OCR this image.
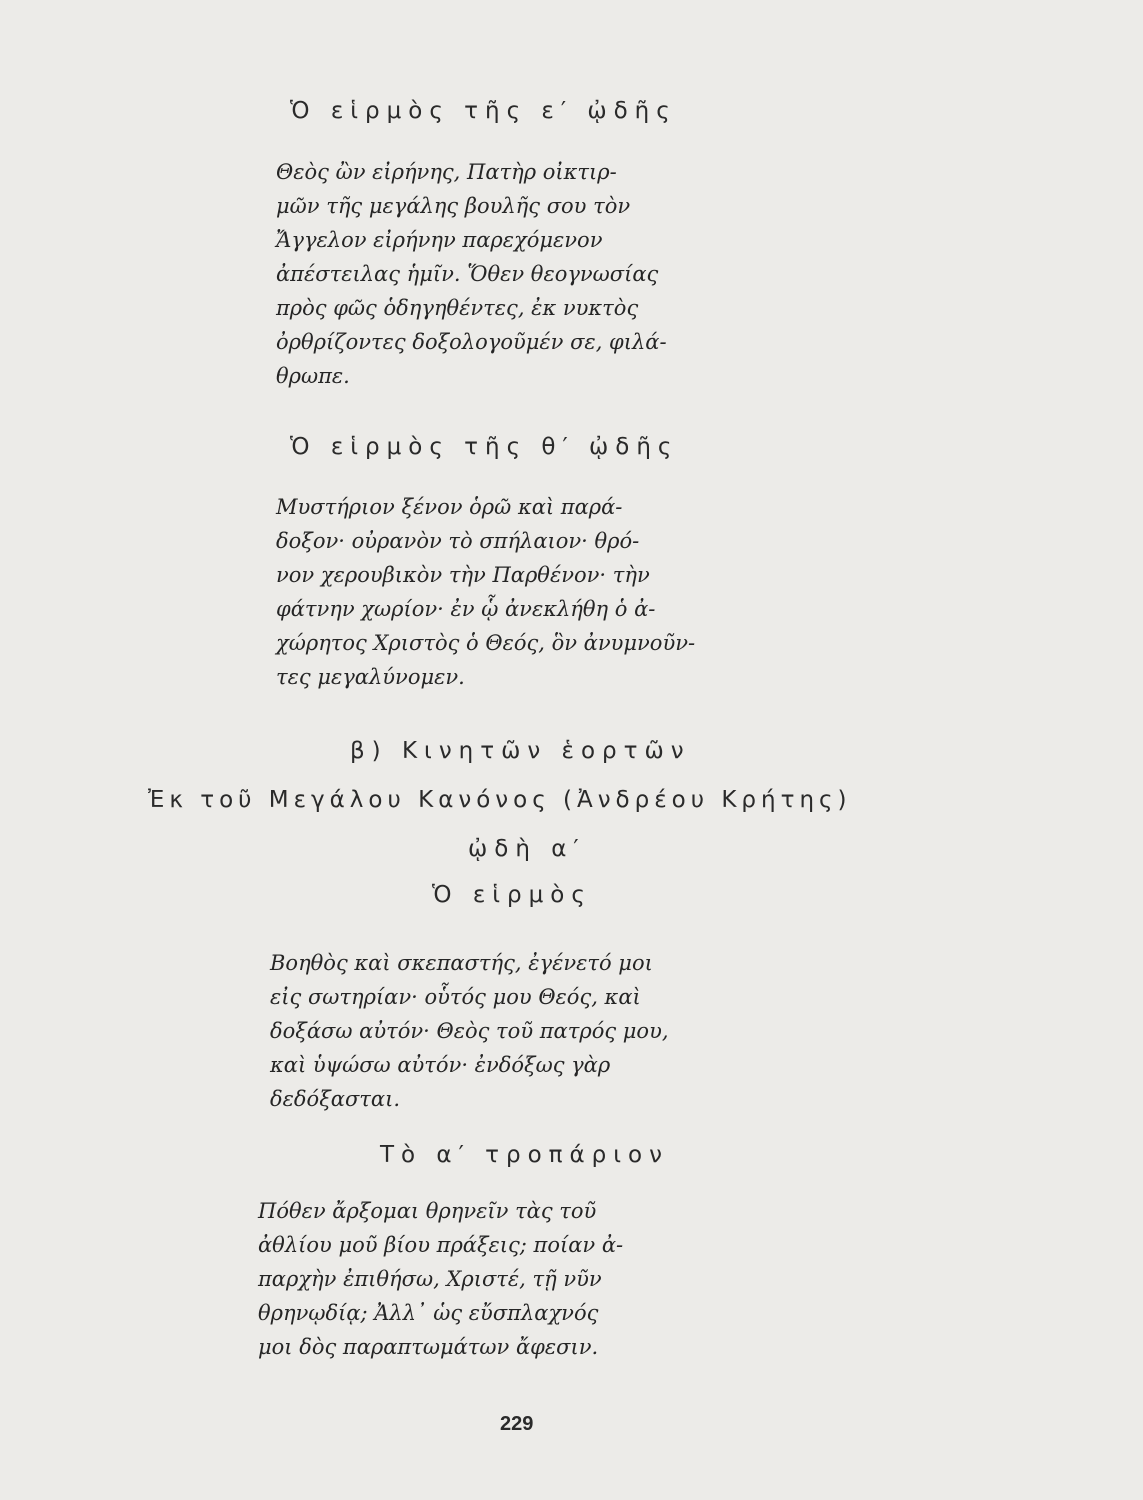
Ὁ εἱρμὸς τῆς ε′ ᾠδῆς
Θεὸς ὢν εἰρήνης, Πατὴρ οἰκτιρ-
μῶν τῆς μεγάλης βουλῆς σου τὸν
Ἄγγελον εἰρήνην παρεχόμενον
ἀπέστειλας ἡμῖν. Ὅθεν θεογνωσίας
πρὸς φῶς ὁδηγηθέντες, ἐκ νυκτὸς
ὀρθρίζοντες δοξολογοῦμέν σε, φιλά-
θρωπε.
Ὁ εἱρμὸς τῆς θ′ ᾠδῆς
Μυστήριον ξένον ὁρῶ καὶ παρά-
δοξον· οὐρανὸν τὸ σπήλαιον· θρό-
νον χερουβικὸν τὴν Παρθένον· τὴν
φάτνην χωρίον· ἐν ᾧ ἀνεκλήθη ὁ ἀ-
χώρητος Χριστὸς ὁ Θεός, ὃν ἀνυμνοῦν-
τες μεγαλύνομεν.
β) Κινητῶν ἑορτῶν
Ἐκ τοῦ Μεγάλου Κανόνος (Ἀνδρέου Κρήτης)
ᾠδὴ α′
Ὁ εἱρμὸς
Βοηθὸς καὶ σκεπαστής, ἐγένετό μοι
εἰς σωτηρίαν· οὗτός μου Θεός, καὶ
δοξάσω αὐτόν· Θεὸς τοῦ πατρός μου,
καὶ ὑψώσω αὐτόν· ἐνδόξως γὰρ
δεδόξασται.
Τὸ α′ τροπάριον
Πόθεν ἄρξομαι θρηνεῖν τὰς τοῦ
ἀθλίου μοῦ βίου πράξεις; ποίαν ἀ-
παρχὴν ἐπιθήσω, Χριστέ, τῇ νῦν
θρηνῳδίᾳ; Ἀλλ᾽ ὡς εὔσπλαχνός
μοι δὸς παραπτωμάτων ἄφεσιν.
229
